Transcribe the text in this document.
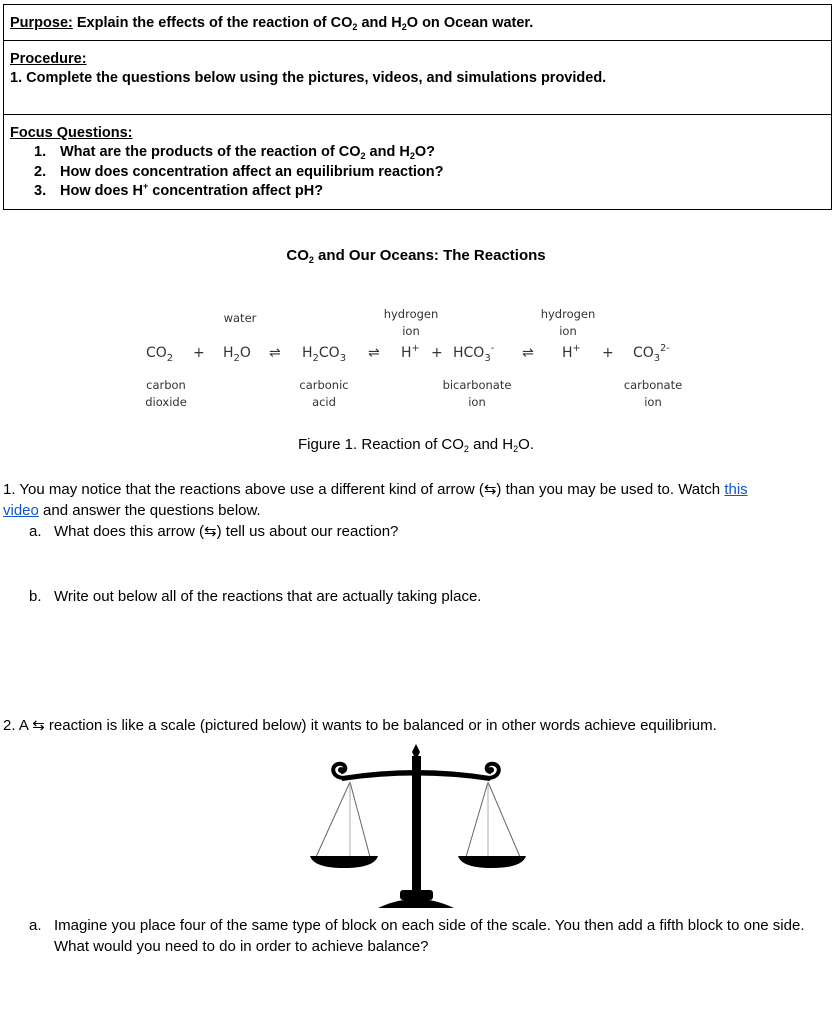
Purpose: Explain the effects of the reaction of $CO_2$ and $H_2O$ on Ocean water.
Procedure:
1. Complete the questions below using the pictures, videos, and simulations provided.
Focus Questions:
1. What are the products of the reaction of $CO_2$ and $H_2O$?
2. How does concentration affect an equilibrium reaction?
3. How does H+ concentration affect pH?
$CO_2$ and Our Oceans: The Reactions
water	hydrogen
ion
hydrogen
ion
$CO_2 + H_2O$ ⇌ $H_2CO_3$ ⇌ $H^+ + HCO_3^-$ ⇌ $H^+ + CO_3^{2-}$
carbon
dioxide
carbonic
acid
bicarbonate
ion
carbonate
ion
Figure 1. Reaction of $CO_2$ and $H_2O$.
1. You may notice that the reactions above use a different kind of arrow (⇆) than you may be used to. Watch this
video and answer the questions below.
a. What does this arrow (⇆) tell us about our reaction?
b. Write out below all of the reactions that are actually taking place.
2. A ⇆ reaction is like a scale (pictured below) it wants to be balanced or in other words achieve equilibrium.
a. Imagine you place four of the same type of block on each side of the scale. You then add a fifth block to one side. What would you need to do in order to achieve balance?
